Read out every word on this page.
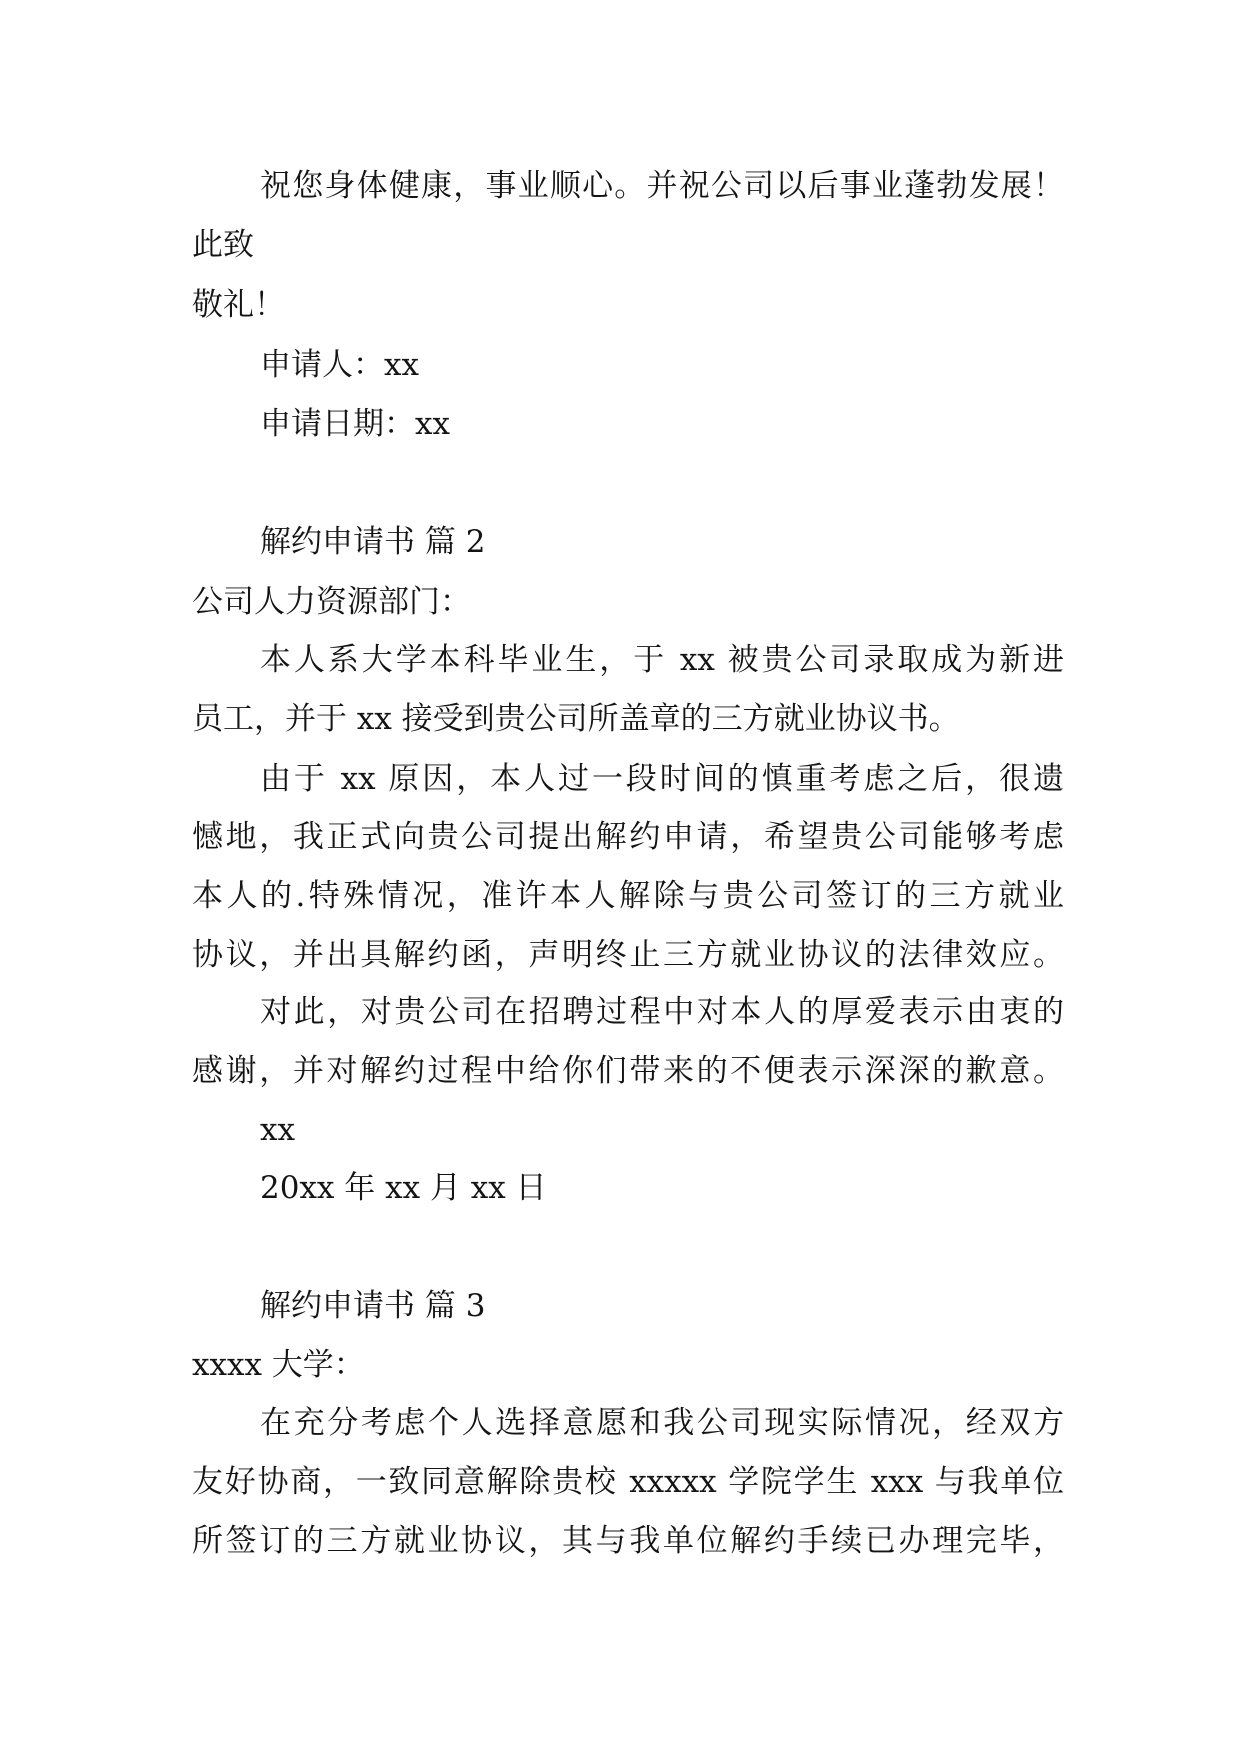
祝您身体健康，事业顺心。并祝公司以后事业蓬勃发展！
此致
敬礼！
申请人：xx
申请日期：xx
解约申请书 篇 2
公司人力资源部门：
本人系大学本科毕业生，于 xx 被贵公司录取成为新进
员工，并于 xx 接受到贵公司所盖章的三方就业协议书。
由于 xx 原因，本人过一段时间的慎重考虑之后，很遗
憾地，我正式向贵公司提出解约申请，希望贵公司能够考虑
本人的.特殊情况，准许本人解除与贵公司签订的三方就业
协议，并出具解约函，声明终止三方就业协议的法律效应。
对此，对贵公司在招聘过程中对本人的厚爱表示由衷的
感谢，并对解约过程中给你们带来的不便表示深深的歉意。
xx
20xx 年 xx 月 xx 日
解约申请书 篇 3
xxxx 大学：
在充分考虑个人选择意愿和我公司现实际情况，经双方
友好协商，一致同意解除贵校 xxxxx 学院学生 xxx 与我单位
所签订的三方就业协议，其与我单位解约手续已办理完毕，
